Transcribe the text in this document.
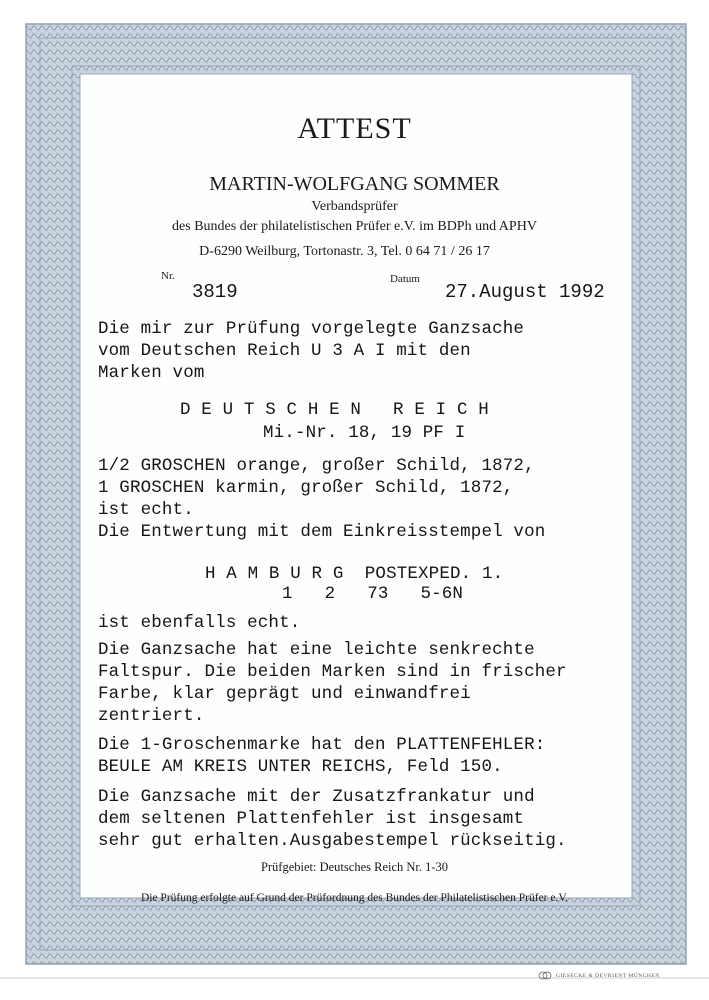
ATTEST
MARTIN-WOLFGANG SOMMER
Verbandsprüfer
des Bundes der philatelistischen Prüfer e.V. im BDPh und APHV
D-6290 Weilburg, Tortonastr. 3, Tel. 0 64 71 / 26 17
Nr.
3819
Datum
27.August 1992
Die mir zur Prüfung vorgelegte Ganzsache
vom Deutschen Reich U 3 A I mit den
Marken vom
D E U T S C H E N   R E I C H
Mi.-Nr. 18, 19 PF I
1/2 GROSCHEN orange, großer Schild, 1872,
1 GROSCHEN karmin, großer Schild, 1872,
ist echt.
Die Entwertung mit dem Einkreisstempel von
H A M B U R G  POSTEXPED. 1.
1   2   73   5-6N
ist ebenfalls echt.
Die Ganzsache hat eine leichte senkrechte
Faltspur. Die beiden Marken sind in frischer
Farbe, klar geprägt und einwandfrei
zentriert.
Die 1-Groschenmarke hat den PLATTENFEHLER:
BEULE AM KREIS UNTER REICHS, Feld 150.
Die Ganzsache mit der Zusatzfrankatur und
dem seltenen Plattenfehler ist insgesamt
sehr gut erhalten.Ausgabestempel rückseitig.
Prüfgebiet: Deutsches Reich Nr. 1-30
Die Prüfung erfolgte auf Grund der Prüfordnung des Bundes der Philatelistischen Prüfer e.V.
GIESECKE & DEVRIENT MÜNCHEN
